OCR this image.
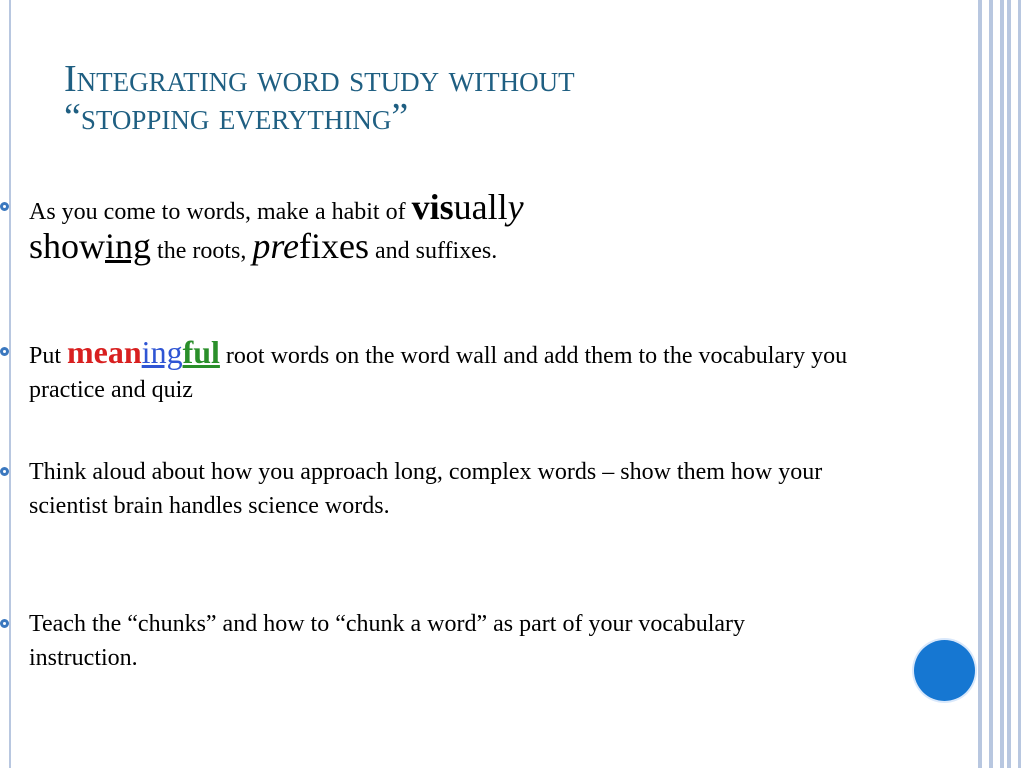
Integrating word study without
“stopping everything”
As you come to words, make a habit of visually
showing the roots, prefixes and suffixes.
Put meaningful root words on the word wall and add them to the vocabulary you practice and quiz
Think aloud about how you approach long, complex words – show them how your scientist brain handles science words.
Teach the “chunks” and how to “chunk a word” as part of your vocabulary instruction.
